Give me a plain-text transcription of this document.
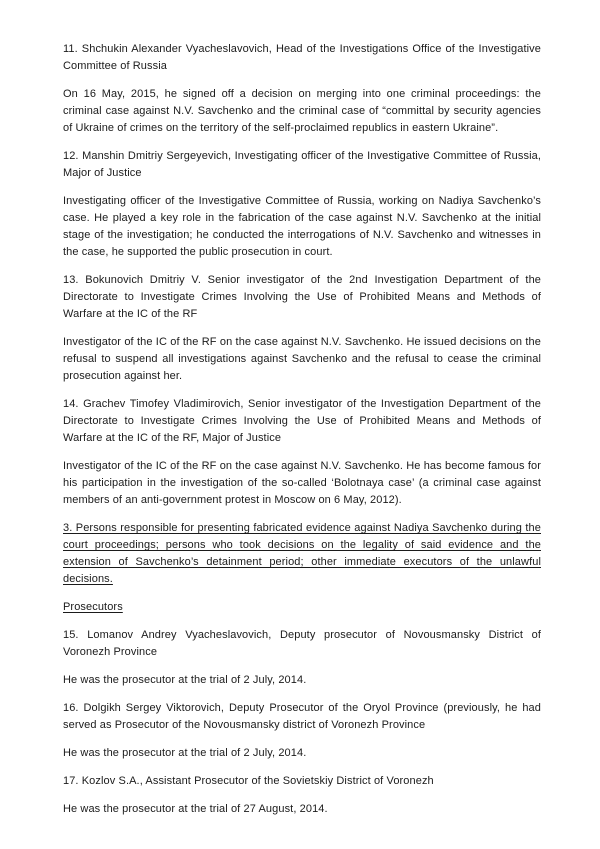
11. Shchukin Alexander Vyacheslavovich, Head of the Investigations Office of the Investigative Committee of Russia

On 16 May, 2015, he signed off a decision on merging into one criminal proceedings: the criminal case against N.V. Savchenko and the criminal case of “committal by security agencies of Ukraine of crimes on the territory of the self-proclaimed republics in eastern Ukraine”.

12. Manshin Dmitriy Sergeyevich, Investigating officer of the Investigative Committee of Russia, Major of Justice

Investigating officer of the Investigative Committee of Russia, working on Nadiya Savchenko’s case. He played a key role in the fabrication of the case against N.V. Savchenko at the initial stage of the investigation; he conducted the interrogations of N.V. Savchenko and witnesses in the case, he supported the public prosecution in court.

13. Bokunovich Dmitriy V. Senior investigator of the 2nd Investigation Department of the Directorate to Investigate Crimes Involving the Use of Prohibited Means and Methods of Warfare at the IC of the RF

Investigator of the IC of the RF on the case against N.V. Savchenko. He issued decisions on the refusal to suspend all investigations against Savchenko and the refusal to cease the criminal prosecution against her.

14. Grachev Timofey Vladimirovich, Senior investigator of the Investigation Department of the Directorate to Investigate Crimes Involving the Use of Prohibited Means and Methods of Warfare at the IC of the RF, Major of Justice

Investigator of the IC of the RF on the case against N.V. Savchenko. He has become famous for his participation in the investigation of the so-called ‘Bolotnaya case’ (a criminal case against members of an anti-government protest in Moscow on 6 May, 2012).

3. Persons responsible for presenting fabricated evidence against Nadiya Savchenko during the court proceedings; persons who took decisions on the legality of said evidence and the extension of Savchenko’s detainment period; other immediate executors of the unlawful decisions.

Prosecutors

15. Lomanov Andrey Vyacheslavovich, Deputy prosecutor of Novousmansky District of Voronezh Province

He was the prosecutor at the trial of 2 July, 2014.

16. Dolgikh Sergey Viktorovich, Deputy Prosecutor of the Oryol Province (previously, he had served as Prosecutor of the Novousmansky district of Voronezh Province

He was the prosecutor at the trial of 2 July, 2014.

17. Kozlov S.A., Assistant Prosecutor of the Sovietskiy District of Voronezh

He was the prosecutor at the trial of 27 August, 2014.
